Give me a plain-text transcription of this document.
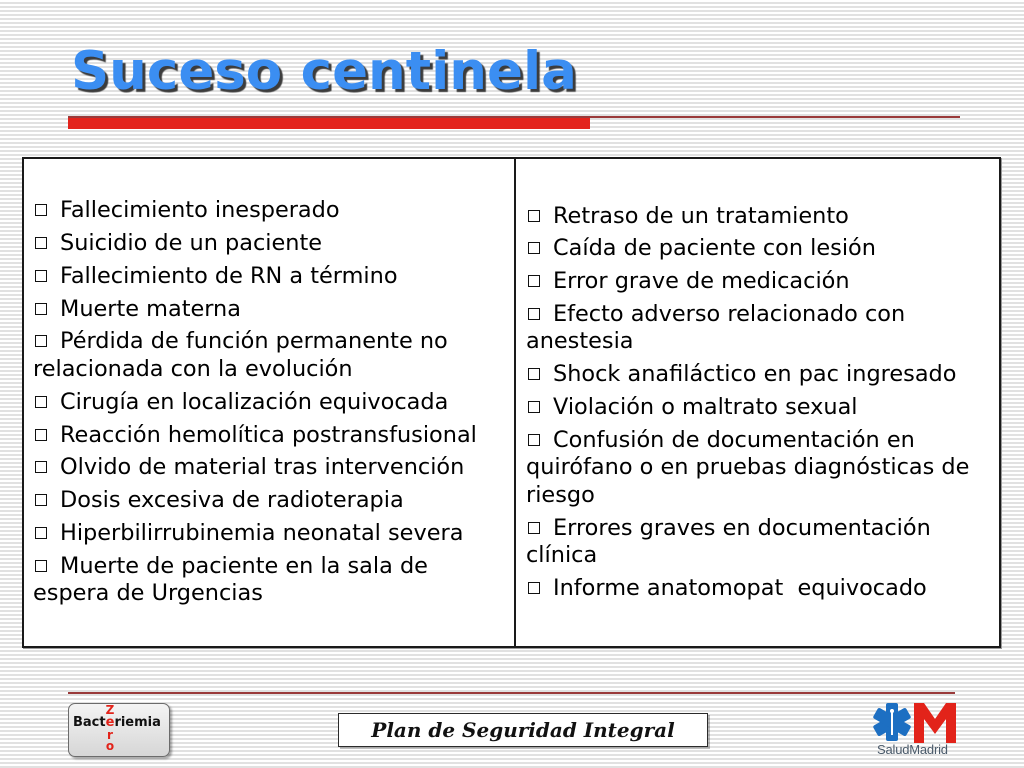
Suceso centinela
Fallecimiento inesperado
Suicidio de un paciente
Fallecimiento de RN a término
Muerte materna
Pérdida de función permanente no relacionada con la evolución
Cirugía en localización equivocada
Reacción hemolítica postransfusional
Olvido de material tras intervención
Dosis excesiva de radioterapia
Hiperbilirrubinemia neonatal severa
Muerte de paciente en la sala de espera de Urgencias
Retraso de un tratamiento
Caída de paciente con lesión
Error grave de medicación
Efecto adverso relacionado con anestesia
Shock anafiláctico en pac ingresado
Violación o maltrato sexual
Confusión de documentación en quirófano o en pruebas diagnósticas de riesgo
Errores graves en documentación clínica
Informe anatomopat  equivocado
Z
Bacteriemia
ro
Plan de Seguridad Integral
SaludMadrid
